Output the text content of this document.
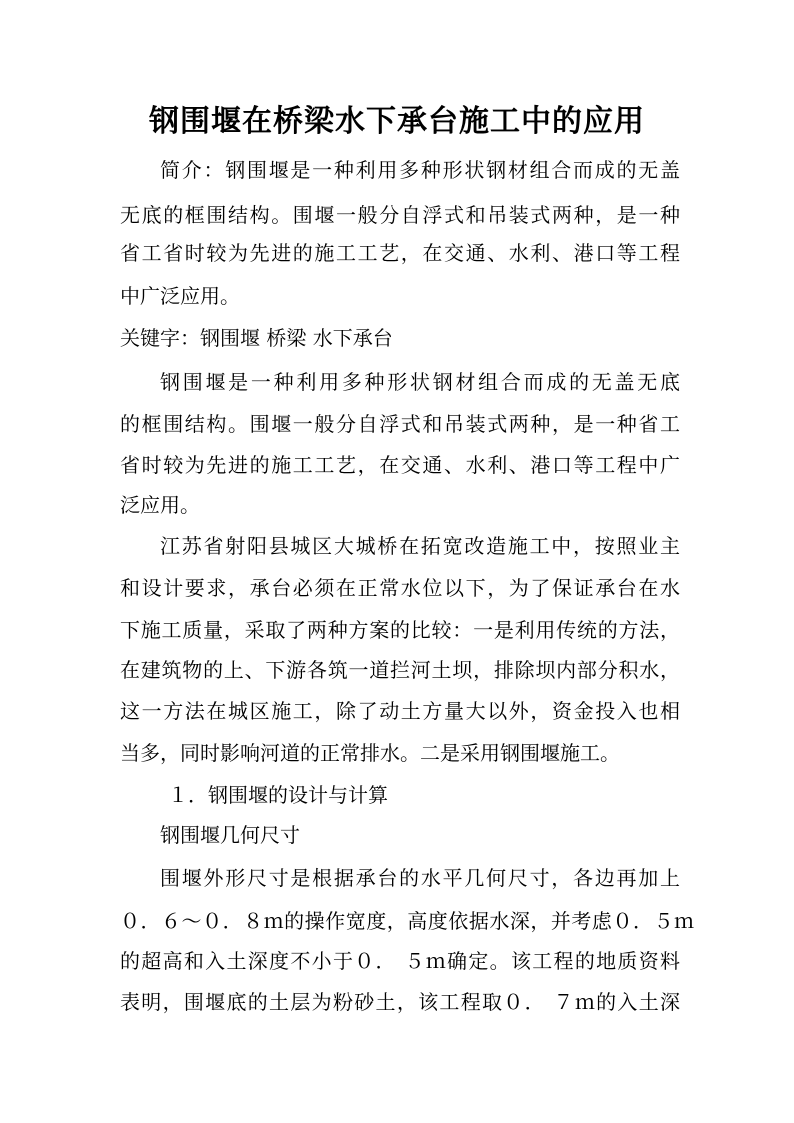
钢围堰在桥梁水下承台施工中的应用
简介：钢围堰是一种利用多种形状钢材组合而成的无盖
无底的框围结构。围堰一般分自浮式和吊装式两种，是一种
省工省时较为先进的施工工艺，在交通、水利、港口等工程
中广泛应用。
关键字：钢围堰 桥梁 水下承台
钢围堰是一种利用多种形状钢材组合而成的无盖无底
的框围结构。围堰一般分自浮式和吊装式两种，是一种省工
省时较为先进的施工工艺，在交通、水利、港口等工程中广
泛应用。
江苏省射阳县城区大城桥在拓宽改造施工中，按照业主
和设计要求，承台必须在正常水位以下，为了保证承台在水
下施工质量，采取了两种方案的比较：一是利用传统的方法，
在建筑物的上、下游各筑一道拦河土坝，排除坝内部分积水，
这一方法在城区施工，除了动土方量大以外，资金投入也相
当多，同时影响河道的正常排水。二是采用钢围堰施工。
１．钢围堰的设计与计算
钢围堰几何尺寸
围堰外形尺寸是根据承台的水平几何尺寸，各边再加上
０．６～０．８ｍ的操作宽度，高度依据水深，并考虑０．５ｍ
的超高和入土深度不小于０． ５ｍ确定。该工程的地质资料
表明，围堰底的土层为粉砂土，该工程取０． ７ｍ的入土深
